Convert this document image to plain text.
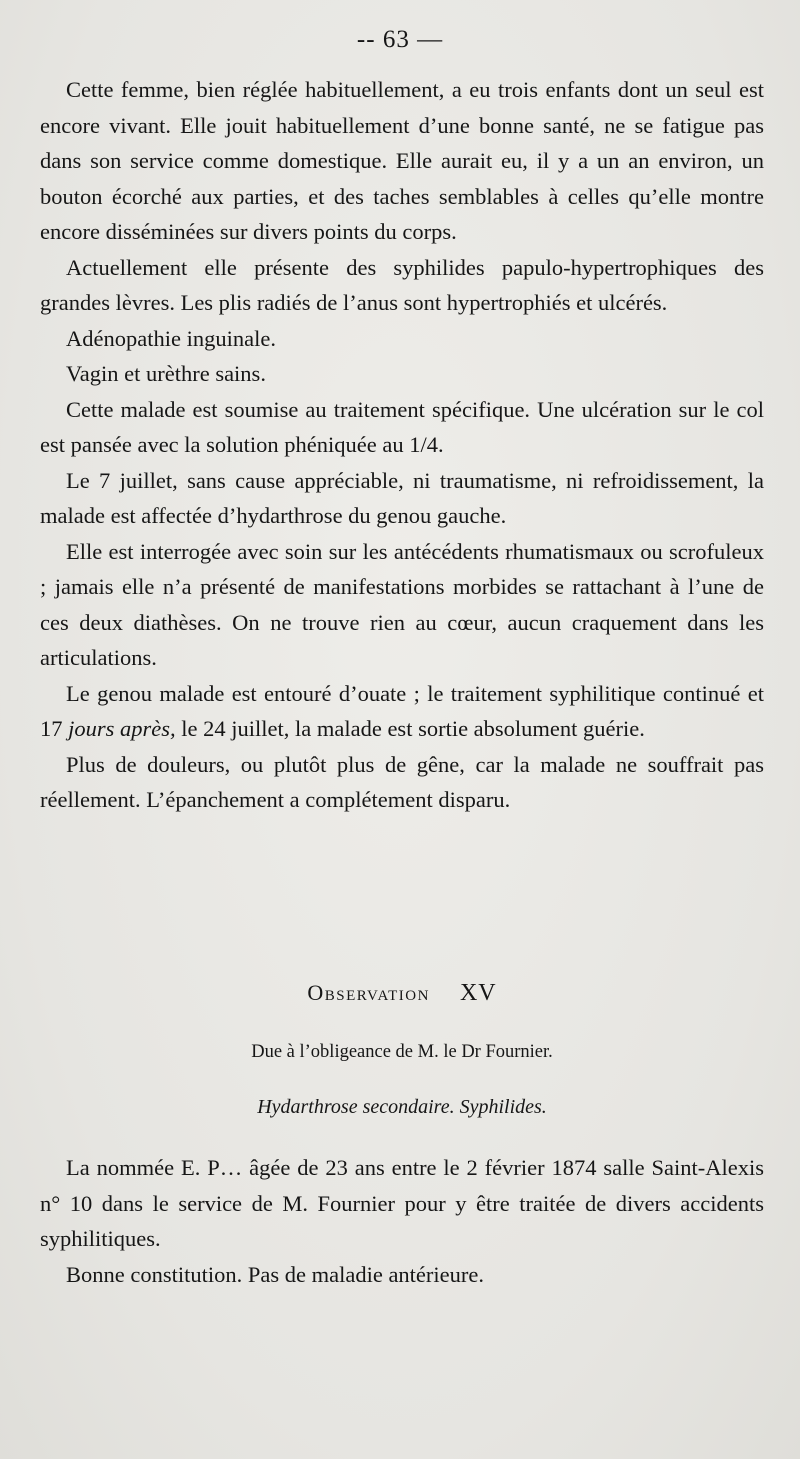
-- 63 —

Cette femme, bien réglée habituellement, a eu trois enfants dont un seul est encore vivant. Elle jouit habituellement d’une bonne santé, ne se fatigue pas dans son service comme domestique. Elle aurait eu, il y a un an environ, un bouton écorché aux parties, et des taches semblables à celles qu’elle montre encore disséminées sur divers points du corps.

Actuellement elle présente des syphilides papulo-hypertrophiques des grandes lèvres. Les plis radiés de l’anus sont hypertrophiés et ulcérés.

Adénopathie inguinale.

Vagin et urèthre sains.

Cette malade est soumise au traitement spécifique. Une ulcération sur le col est pansée avec la solution phéniquée au 1/4.

Le 7 juillet, sans cause appréciable, ni traumatisme, ni refroidissement, la malade est affectée d’hydarthrose du genou gauche.

Elle est interrogée avec soin sur les antécédents rhumatismaux ou scrofuleux ; jamais elle n’a présenté de manifestations morbides se rattachant à l’une de ces deux diathèses. On ne trouve rien au cœur, aucun craquement dans les articulations.

Le genou malade est entouré d’ouate ; le traitement syphilitique continué et 17 jours après, le 24 juillet, la malade est sortie absolument guérie.

Plus de douleurs, ou plutôt plus de gêne, car la malade ne souffrait pas réellement. L’épanchement a complétement disparu.

Observation XV
Due à l’obligeance de M. le Dr Fournier.
Hydarthrose secondaire. Syphilides.

La nommée E. P… âgée de 23 ans entre le 2 février 1874 salle Saint-Alexis n° 10 dans le service de M. Fournier pour y être traitée de divers accidents syphilitiques.

Bonne constitution. Pas de maladie antérieure.
